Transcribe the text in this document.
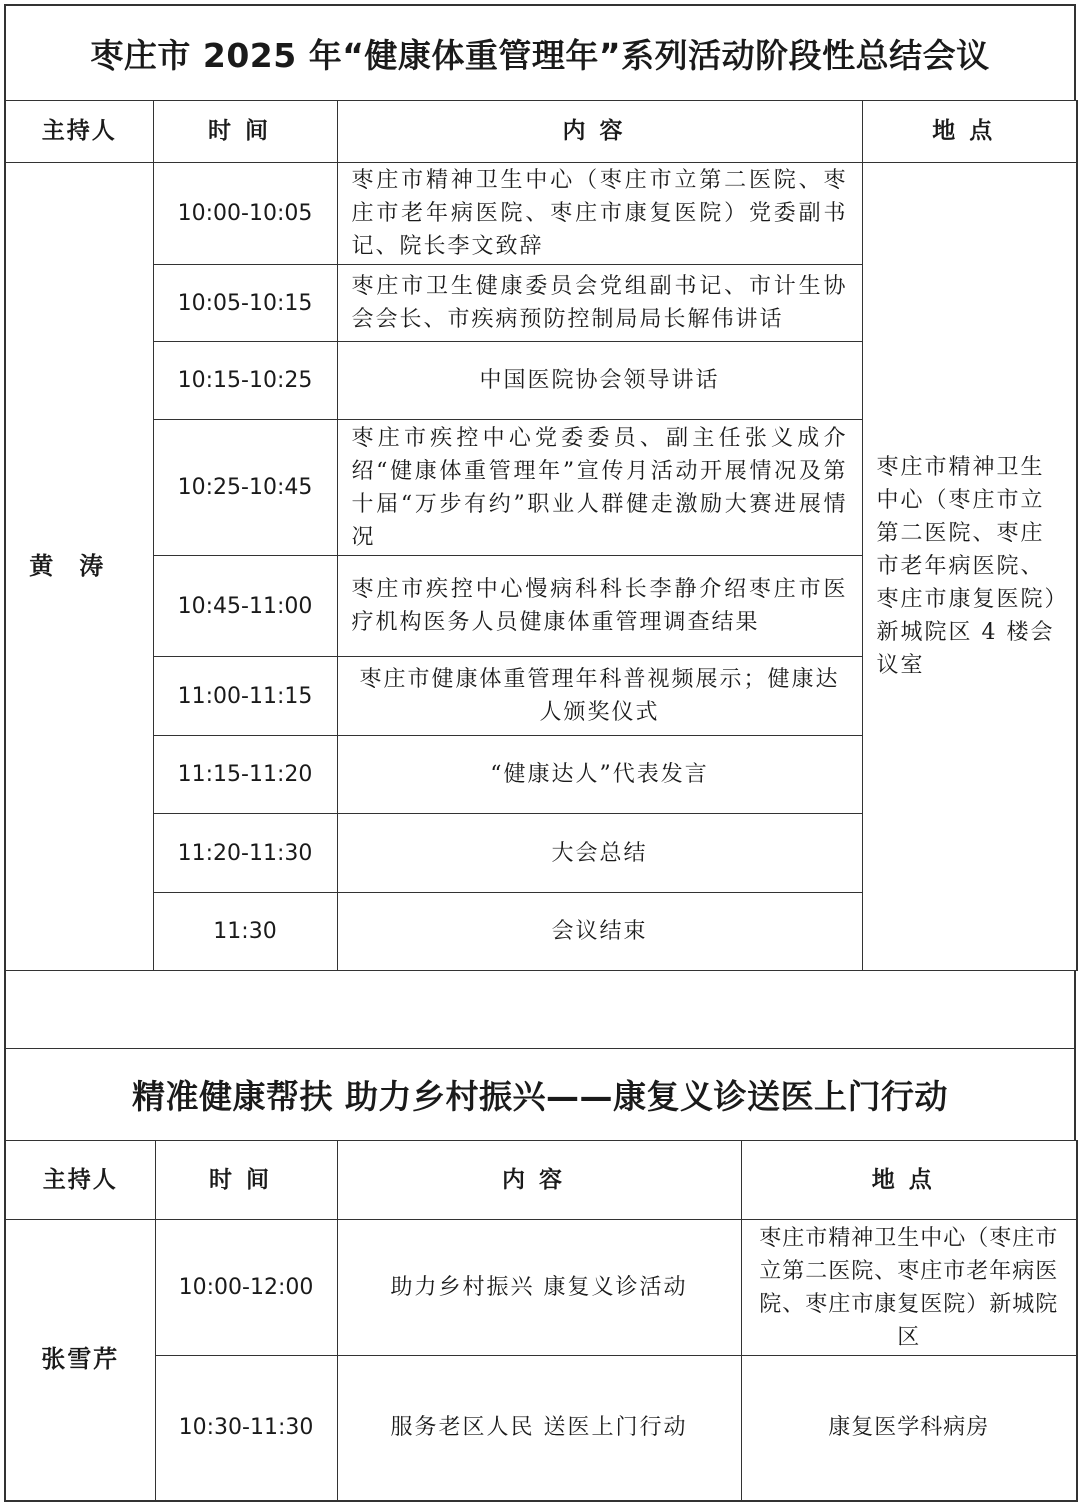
枣庄市 2025 年“健康体重管理年”系列活动阶段性总结会议
主持人	时间	内容	地点
黄涛	10:00-10:05	枣庄市精神卫生中心（枣庄市立第二医院、枣庄市老年病医院、枣庄市康复医院）党委副书记、院长李文致辞	枣庄市精神卫生中心（枣庄市立第二医院、枣庄市老年病医院、枣庄市康复医院）新城院区 4 楼会议室
	10:05-10:15	枣庄市卫生健康委员会党组副书记、市计生协会会长、市疾病预防控制局局长解伟讲话	
	10:15-10:25	中国医院协会领导讲话	
	10:25-10:45	枣庄市疾控中心党委委员、副主任张义成介绍“健康体重管理年”宣传月活动开展情况及第十届“万步有约”职业人群健走激励大赛进展情况	
	10:45-11:00	枣庄市疾控中心慢病科科长李静介绍枣庄市医疗机构医务人员健康体重管理调查结果	
	11:00-11:15	枣庄市健康体重管理年科普视频展示；健康达人颁奖仪式	
	11:15-11:20	“健康达人”代表发言	
	11:20-11:30	大会总结	
	11:30	会议结束	
精准健康帮扶 助力乡村振兴——康复义诊送医上门行动
主持人	时间	内容	地点
张雪芹	10:00-12:00	助力乡村振兴 康复义诊活动	枣庄市精神卫生中心（枣庄市立第二医院、枣庄市老年病医院、枣庄市康复医院）新城院区
	10:30-11:30	服务老区人民 送医上门行动	康复医学科病房
